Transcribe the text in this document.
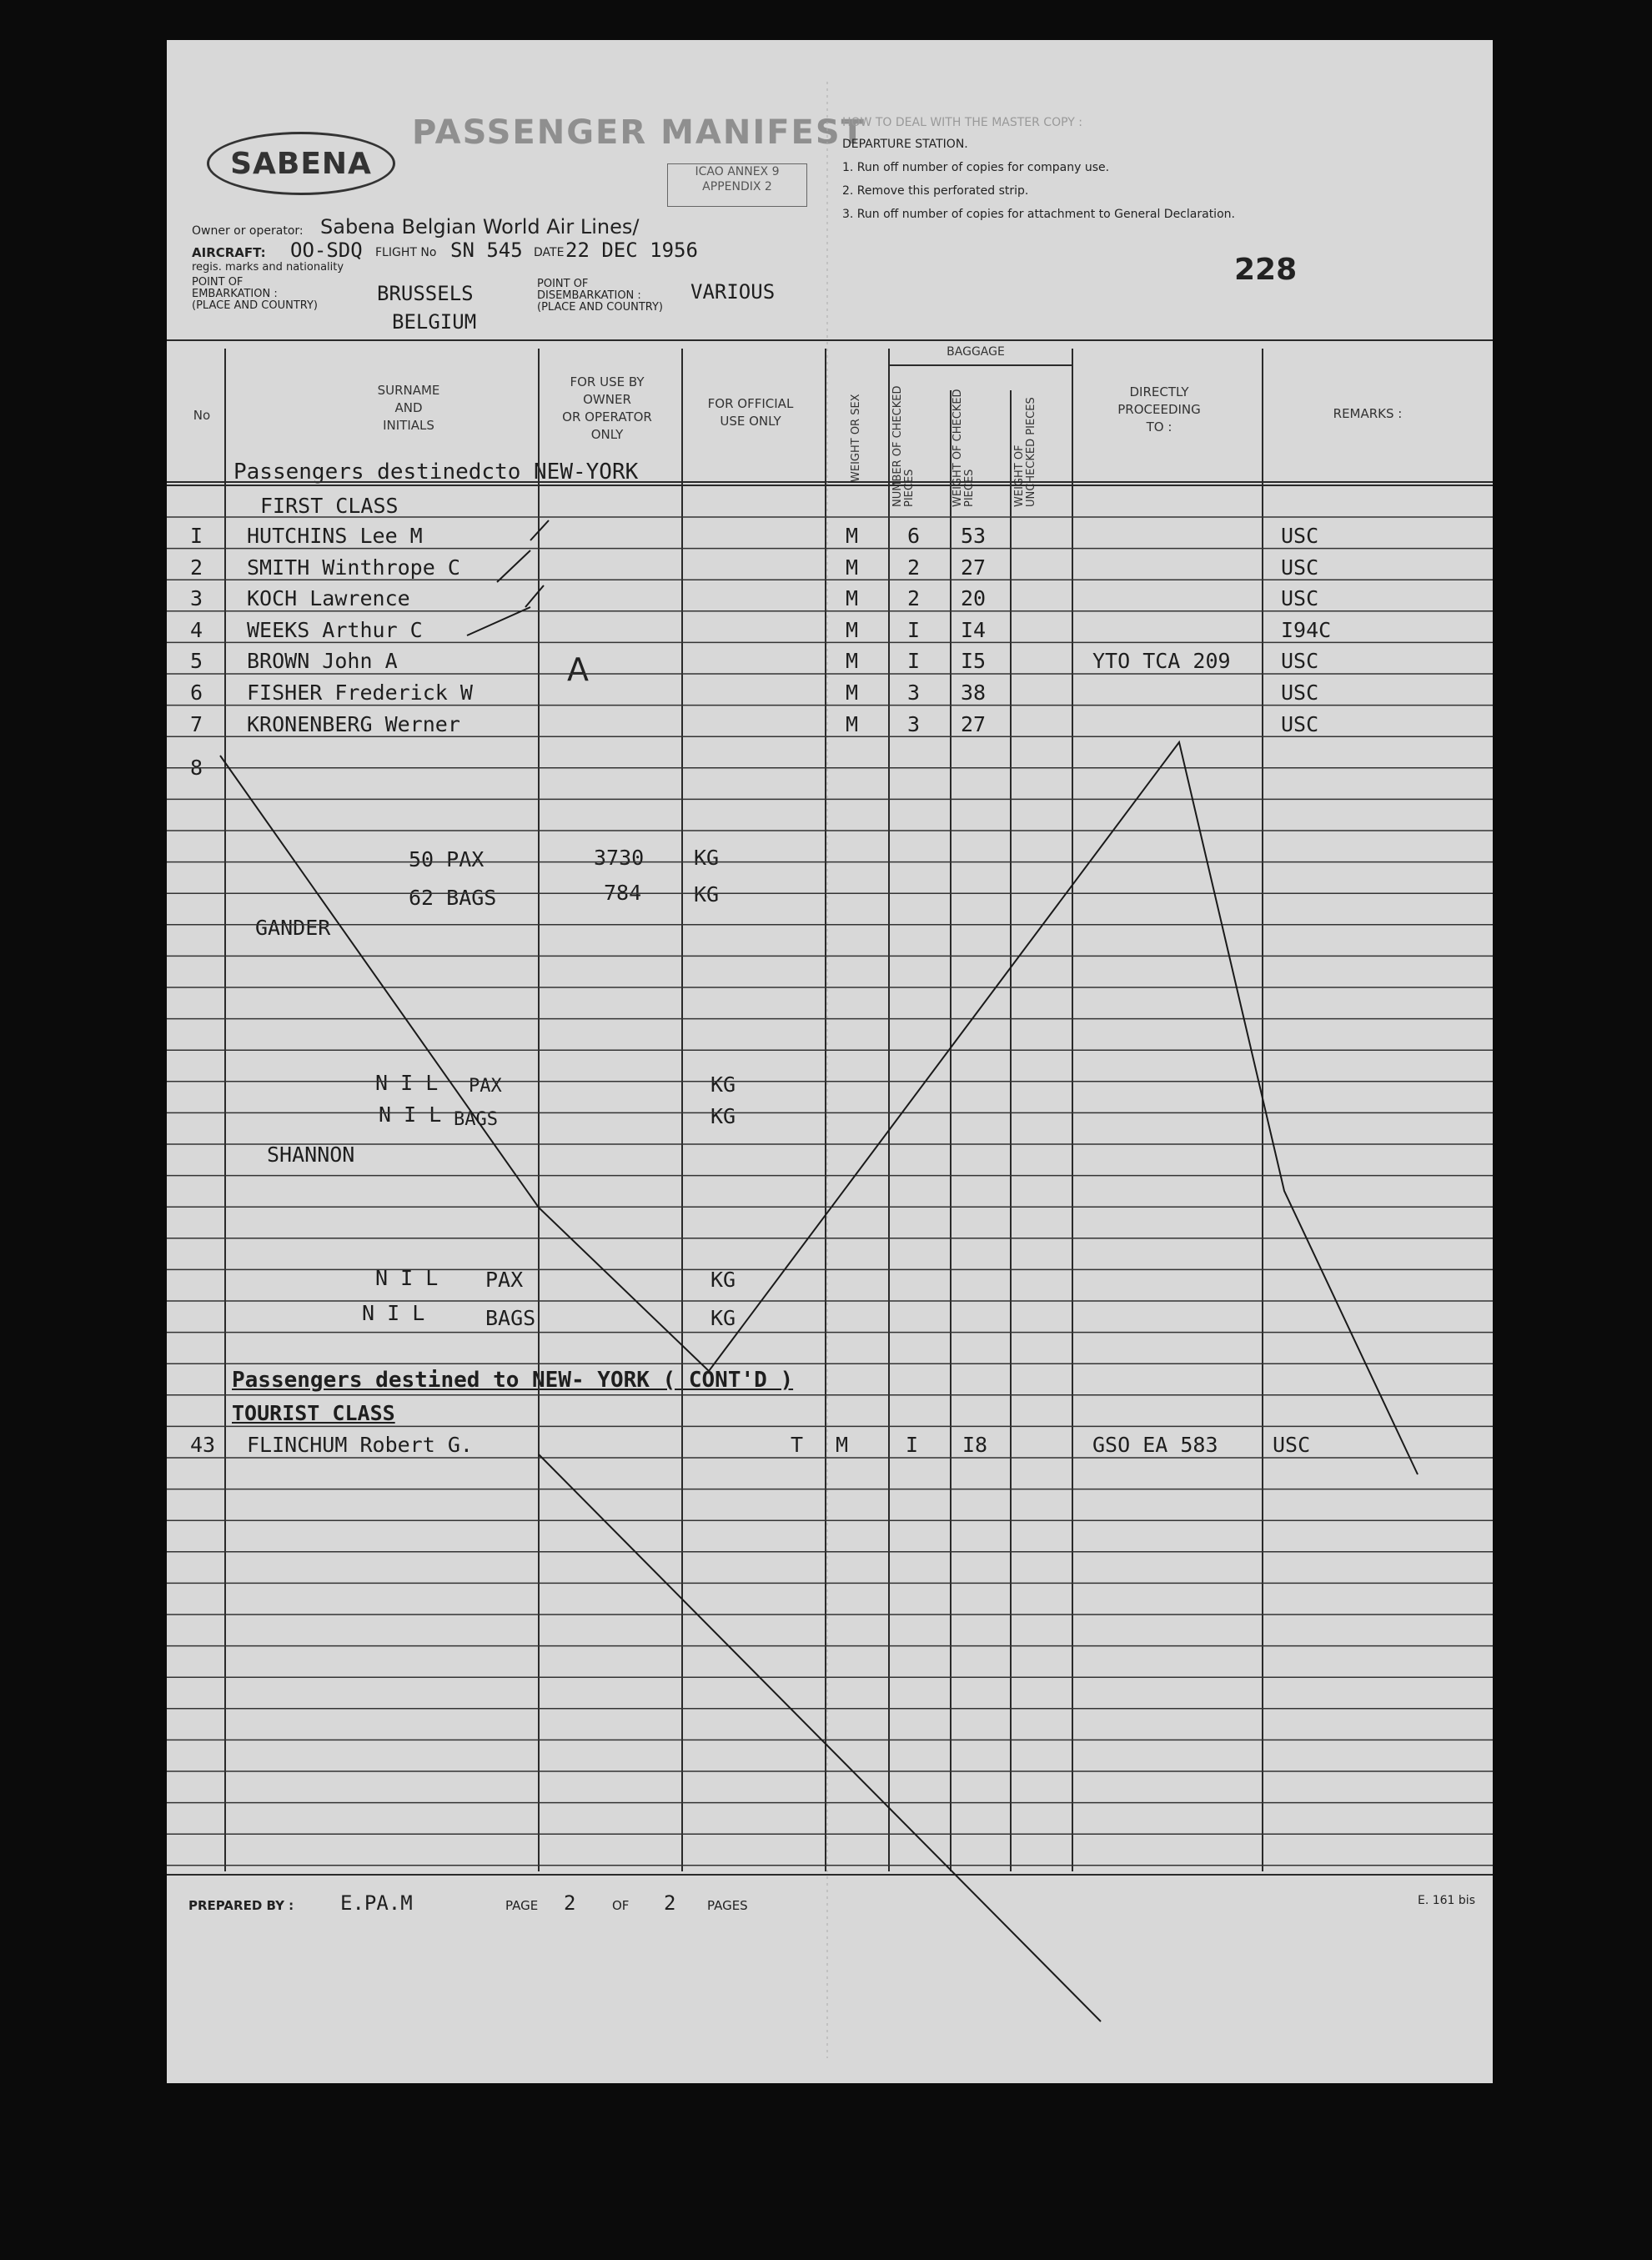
SABENA
PASSENGER MANIFEST
ICAO ANNEX 9
APPENDIX 2
Owner or operator: Sabena Belgian World Air Lines/
AIRCRAFT: OO-SDQ FLIGHT No SN 545 DATE 22 DEC 1956
regis. marks and nationality
POINT OF
EMBARKATION :
(PLACE AND COUNTRY)
BRUSSELS
BELGIUM
POINT OF
DISEMBARKATION :
(PLACE AND COUNTRY)
VARIOUS
HOW TO DEAL WITH THE MASTER COPY :
DEPARTURE STATION.
1. Run off number of copies for company use.
2. Remove this perforated strip.
3. Run off number of copies for attachment to General Declaration.
228
No
SURNAME
AND
INITIALS
FOR USE BY
OWNER
OR OPERATOR
ONLY
FOR OFFICIAL
USE ONLY	WEIGHT OR SEX
BAGGAGE
NUMBER OF CHECKED PIECES	WEIGHT OF CHECKED PIECES	WEIGHT OF UNCHECKED PIECES
DIRECTLY
PROCEEDING
TO :
REMARKS :
Passengers destinedcto NEW-YORK
FIRST CLASS
I HUTCHINS Lee M	M 6 53	USC
2 SMITH Winthrope C	M 2 27	USC
3 KOCH Lawrence	M 2 20	USC
4 WEEKS Arthur C	M I I4	I94C
5 BROWN John A	M I I5	YTO TCA 209 USC
6 FISHER Frederick W	M 3 38	USC
7 KRONENBERG Werner	M 3 27	USC
8
50 PAX	3730 KG
62 BAGS	784	KG
GANDER
N I L PAX	KG
N I L BAGS	KG
SHANNON
N I L PAX	KG
N I L	BAGS	KG
Passengers destined to NEW- YORK ( CONT'D )
TOURIST CLASS
43 FLINCHUM Robert G.	T M	I I8	GSO EA 583	USC
PREPARED BY : E.PA.M	PAGE 2	OF 2	PAGES	E. 161 bis
A
